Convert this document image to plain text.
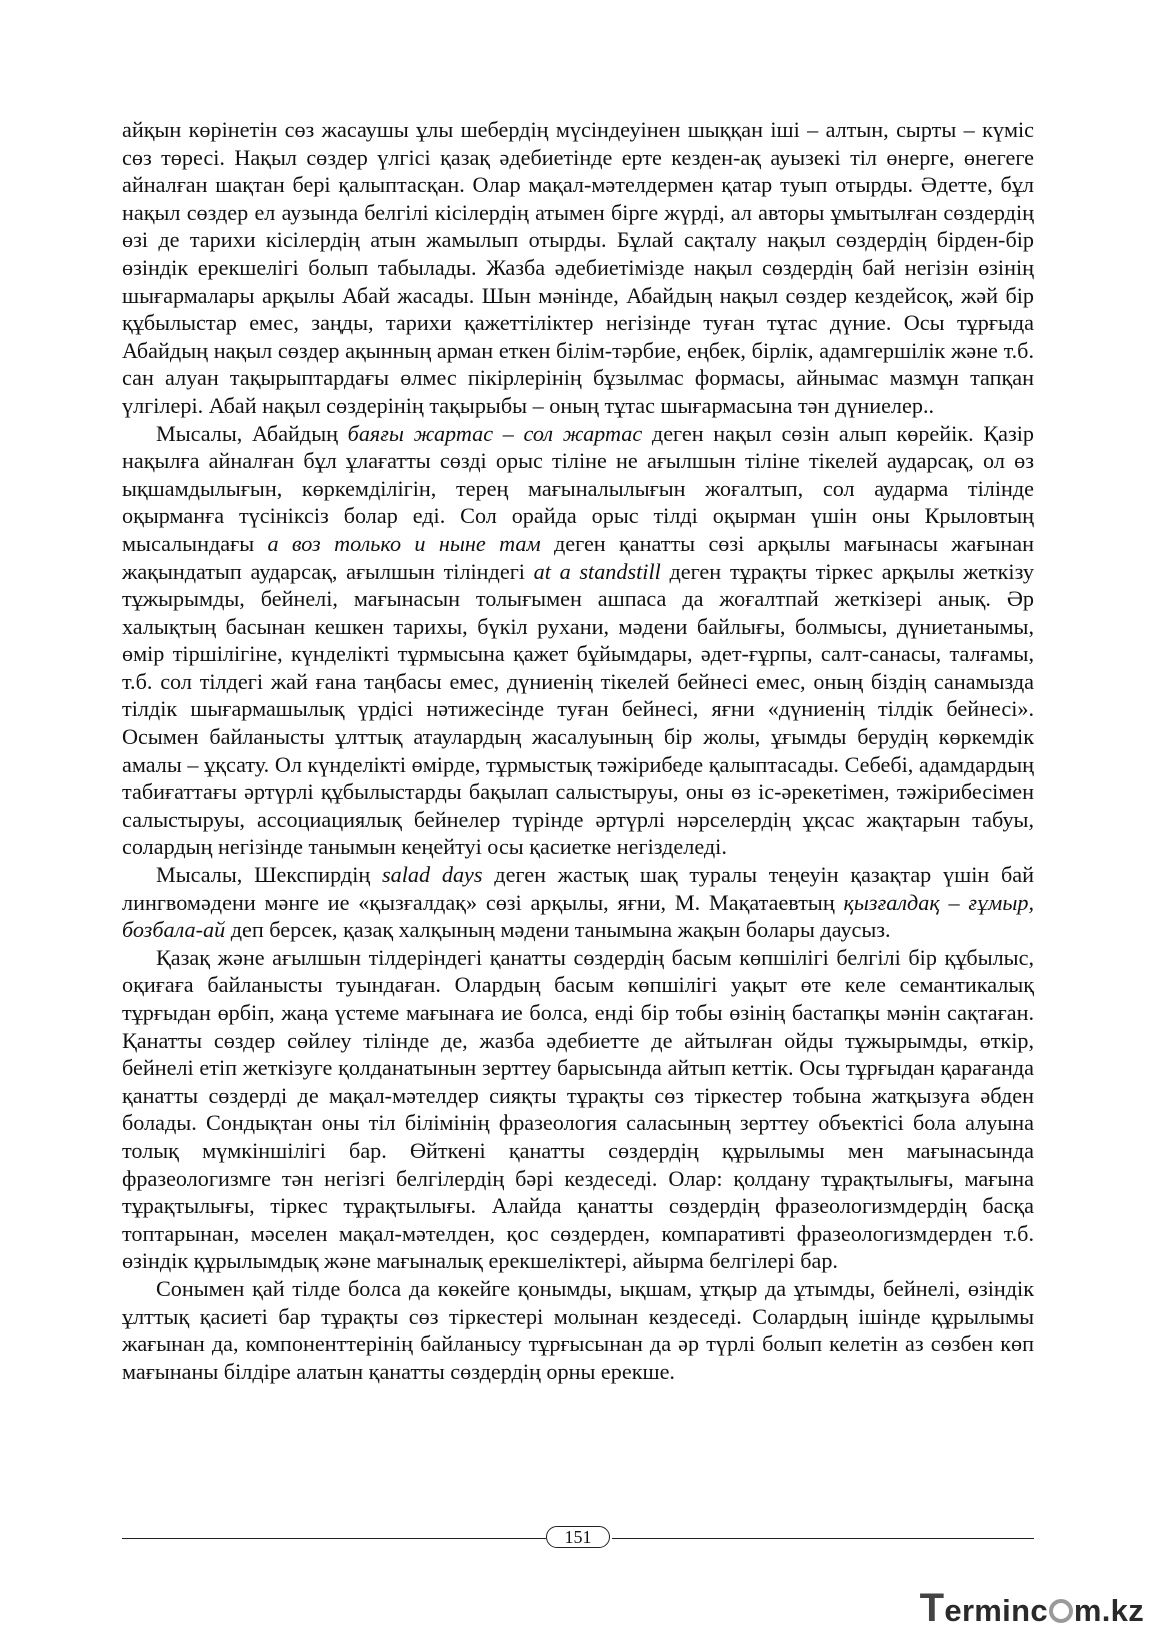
айқын көрінетін сөз жасаушы ұлы шебердің мүсіндеуінен шыққан іші – алтын, сырты – күміс сөз төресі. Нақыл сөздер үлгісі қазақ әдебиетінде ерте кезден-ақ ауызекі тіл өнерге, өнегеге айналған шақтан бері қалыптасқан. Олар мақал-мәтелдермен қатар туып отырды. Әдетте, бұл нақыл сөздер ел аузында белгілі кісілердің атымен бірге жүрді, ал авторы ұмытылған сөздердің өзі де тарихи кісілердің атын жамылып отырды. Бұлай сақталу нақыл сөздердің бірден-бір өзіндік ерекшелігі болып табылады. Жазба әдебиетімізде нақыл сөздердің бай негізін өзінің шығармалары арқылы Абай жасады. Шын мәнінде, Абайдың нақыл сөздер кездейсоқ, жәй бір құбылыстар емес, заңды, тарихи қажеттіліктер негізінде туған тұтас дүние. Осы тұрғыда Абайдың нақыл сөздер ақынның арман еткен білім-тәрбие, еңбек, бірлік, адамгершілік және т.б. сан алуан тақырыптардағы өлмес пікірлерінің бұзылмас формасы, айнымас мазмұн тапқан үлгілері. Абай нақыл сөздерінің тақырыбы – оның тұтас шығармасына тән дүниелер..

Мысалы, Абайдың баяғы жартас – сол жартас деген нақыл сөзін алып көрейік. Қазір нақылға айналған бұл ұлағатты сөзді орыс тіліне не ағылшын тіліне тікелей аударсақ, ол өз ықшамдылығын, көркемділігін, терең мағыналылығын жоғалтып, сол аударма тілінде оқырманға түсініксіз болар еді. Сол орайда орыс тілді оқырман үшін оны Крыловтың мысалындағы а воз только и ныне там деген қанатты сөзі арқылы мағынасы жағынан жақындатып аударсақ, ағылшын тіліндегі at a standstill деген тұрақты тіркес арқылы жеткізу тұжырымды, бейнелі, мағынасын толығымен ашпаса да жоғалтпай жеткізері анық. Әр халықтың басынан кешкен тарихы, бүкіл рухани, мәдени байлығы, болмысы, дүниетанымы, өмір тіршілігіне, күнделікті тұрмысына қажет бұйымдары, әдет-ғұрпы, салт-санасы, талғамы, т.б. сол тілдегі жай ғана таңбасы емес, дүниенің тікелей бейнесі емес, оның біздің санамызда тілдік шығармашылық үрдісі нәтижесінде туған бейнесі, яғни «дүниенің тілдік бейнесі». Осымен байланысты ұлттық атаулардың жасалуының бір жолы, ұғымды берудің көркемдік амалы – ұқсату. Ол күнделікті өмірде, тұрмыстық тәжірибеде қалыптасады. Себебі, адамдардың табиғаттағы әртүрлі құбылыстарды бақылап салыстыруы, оны өз іс-әрекетімен, тәжірибесімен салыстыруы, ассоциациялық бейнелер түрінде әртүрлі нәрселердің ұқсас жақтарын табуы, солардың негізінде танымын кеңейтуі осы қасиетке негізделеді.

Мысалы, Шекспирдің salad days деген жастық шақ туралы теңеуін қазақтар үшін бай лингвомәдени мәнге ие «қызғалдақ» сөзі арқылы, яғни, М. Мақатаевтың қызғалдақ – ғұмыр, бозбала-ай деп берсек, қазақ халқының мәдени танымына жақын болары даусыз.

Қазақ және ағылшын тілдеріндегі қанатты сөздердің басым көпшілігі белгілі бір құбылыс, оқиғаға байланысты туындаған. Олардың басым көпшілігі уақыт өте келе семантикалық тұрғыдан өрбіп, жаңа үстеме мағынаға ие болса, енді бір тобы өзінің бастапқы мәнін сақтаған. Қанатты сөздер сөйлеу тілінде де, жазба әдебиетте де айтылған ойды тұжырымды, өткір, бейнелі етіп жеткізуге қолданатынын зерттеу барысында айтып кеттік. Осы тұрғыдан қарағанда қанатты сөздерді де мақал-мәтелдер сияқты тұрақты сөз тіркестер тобына жатқызуға әбден болады. Сондықтан оны тіл білімінің фразеология саласының зерттеу объектісі бола алуына толық мүмкіншілігі бар. Өйткені қанатты сөздердің құрылымы мен мағынасында фразеологизмге тән негізгі белгілердің бәрі кездеседі. Олар: қолдану тұрақтылығы, мағына тұрақтылығы, тіркес тұрақтылығы. Алайда қанатты сөздердің фразеологизмдердің басқа топтарынан, мәселен мақал-мәтелден, қос сөздерден, компаративті фразеологизмдерден т.б. өзіндік құрылымдық және мағыналық ерекшеліктері, айырма белгілері бар.

Сонымен қай тілде болса да көкейге қонымды, ықшам, ұтқыр да ұтымды, бейнелі, өзіндік ұлттық қасиеті бар тұрақты сөз тіркестері молынан кездеседі. Солардың ішінде құрылымы жағынан да, компоненттерінің байланысу тұрғысынан да әр түрлі болып келетін аз сөзбен көп мағынаны білдіре алатын қанатты сөздердің орны ерекше.

151
Terminc m.kz
